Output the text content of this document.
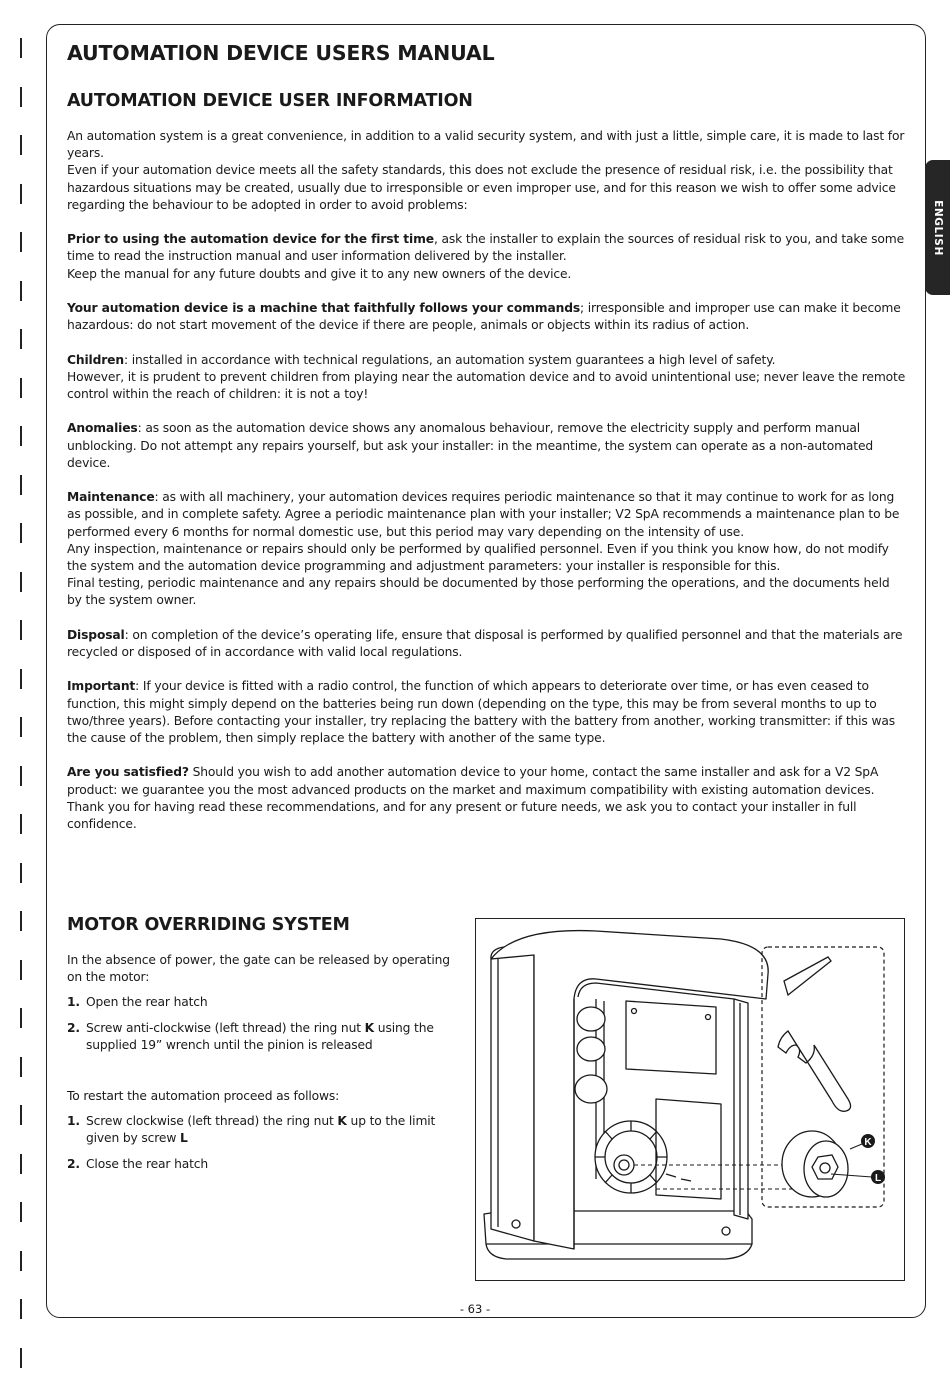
ENGLISH
AUTOMATION DEVICE USERS MANUAL
AUTOMATION DEVICE USER INFORMATION

An automation system is a great convenience, in addition to a valid security system, and with just a little, simple care, it is made to last for years.
Even if your automation device meets all the safety standards, this does not exclude the presence of residual risk, i.e. the possibility that hazardous situations may be created, usually due to irresponsible or even improper use, and for this reason we wish to offer some advice regarding the behaviour to be adopted in order to avoid problems:

Prior to using the automation device for the first time, ask the installer to explain the sources of residual risk to you, and take some time to read the instruction manual and user information delivered by the installer.
Keep the manual for any future doubts and give it to any new owners of the device.

Your automation device is a machine that faithfully follows your commands; irresponsible and improper use can make it become hazardous: do not start movement of the device if there are people, animals or objects within its radius of action.

Children: installed in accordance with technical regulations, an automation system guarantees a high level of safety.
However, it is prudent to prevent children from playing near the automation device and to avoid unintentional use; never leave the remote control within the reach of children: it is not a toy!

Anomalies: as soon as the automation device shows any anomalous behaviour, remove the electricity supply and perform manual unblocking. Do not attempt any repairs yourself, but ask your installer: in the meantime, the system can operate as a non-automated device.

Maintenance: as with all machinery, your automation devices requires periodic maintenance so that it may continue to work for as long as possible, and in complete safety. Agree a periodic maintenance plan with your installer; V2 SpA recommends a maintenance plan to be performed every 6 months for normal domestic use, but this period may vary depending on the intensity of use.
Any inspection, maintenance or repairs should only be performed by qualified personnel. Even if you think you know how, do not modify the system and the automation device programming and adjustment parameters: your installer is responsible for this.
Final testing, periodic maintenance and any repairs should be documented by those performing the operations, and the documents held by the system owner.

Disposal: on completion of the device’s operating life, ensure that disposal is performed by qualified personnel and that the materials are recycled or disposed of in accordance with valid local regulations.

Important: If your device is fitted with a radio control, the function of which appears to deteriorate over time, or has even ceased to function, this might simply depend on the batteries being run down (depending on the type, this may be from several months to up to two/three years). Before contacting your installer, try replacing the battery with the battery from another, working transmitter: if this was the cause of the problem, then simply replace the battery with another of the same type.

Are you satisfied? Should you wish to add another automation device to your home, contact the same installer and ask for a V2 SpA product: we guarantee you the most advanced products on the market and maximum compatibility with existing automation devices.
Thank you for having read these recommendations, and for any present or future needs, we ask you to contact your installer in full confidence.

MOTOR OVERRIDING SYSTEM

In the absence of power, the gate can be released by operating on the motor:

1. Open the rear hatch
2. Screw anti-clockwise (left thread) the ring nut K using the supplied 19” wrench until the pinion is released

To restart the automation proceed as follows:

1. Screw clockwise (left thread) the ring nut K up to the limit given by screw L
2. Close the rear hatch
K
L
- 63 -
